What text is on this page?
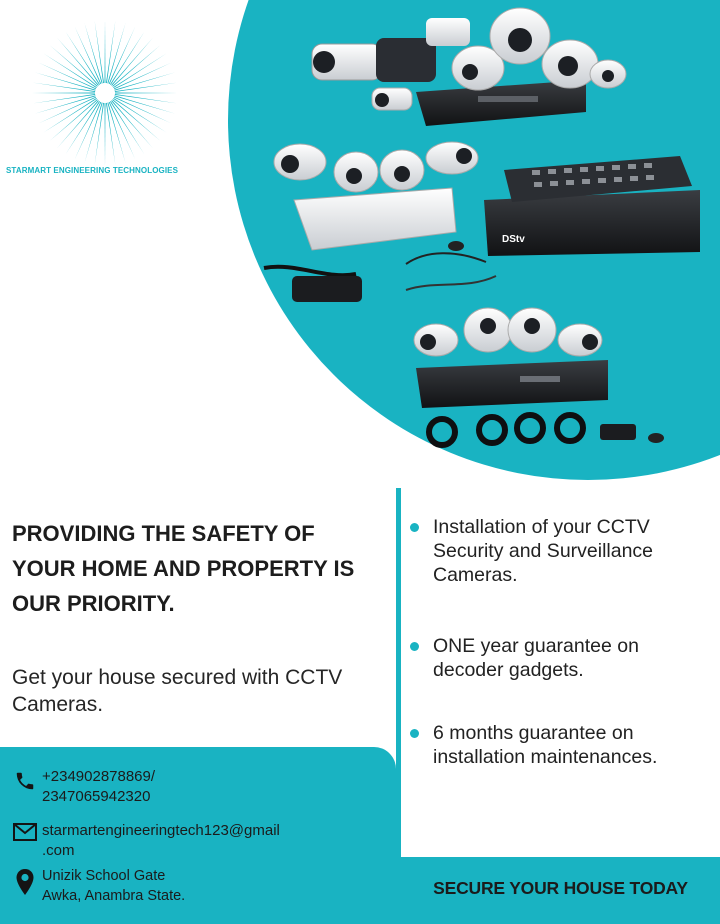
STARMART ENGINEERING TECHNOLOGIES
DStv
PROVIDING THE SAFETY OF YOUR HOME AND PROPERTY IS OUR PRIORITY.
Get your house secured with CCTV Cameras.
+234902878869/
2347065942320
starmartengineeringtech123@gmail
.com
Unizik School Gate
Awka, Anambra State.
Installation of your CCTV Security and Surveillance Cameras.
ONE year guarantee on decoder gadgets.
6 months guarantee on installation maintenances.
SECURE YOUR HOUSE TODAY
